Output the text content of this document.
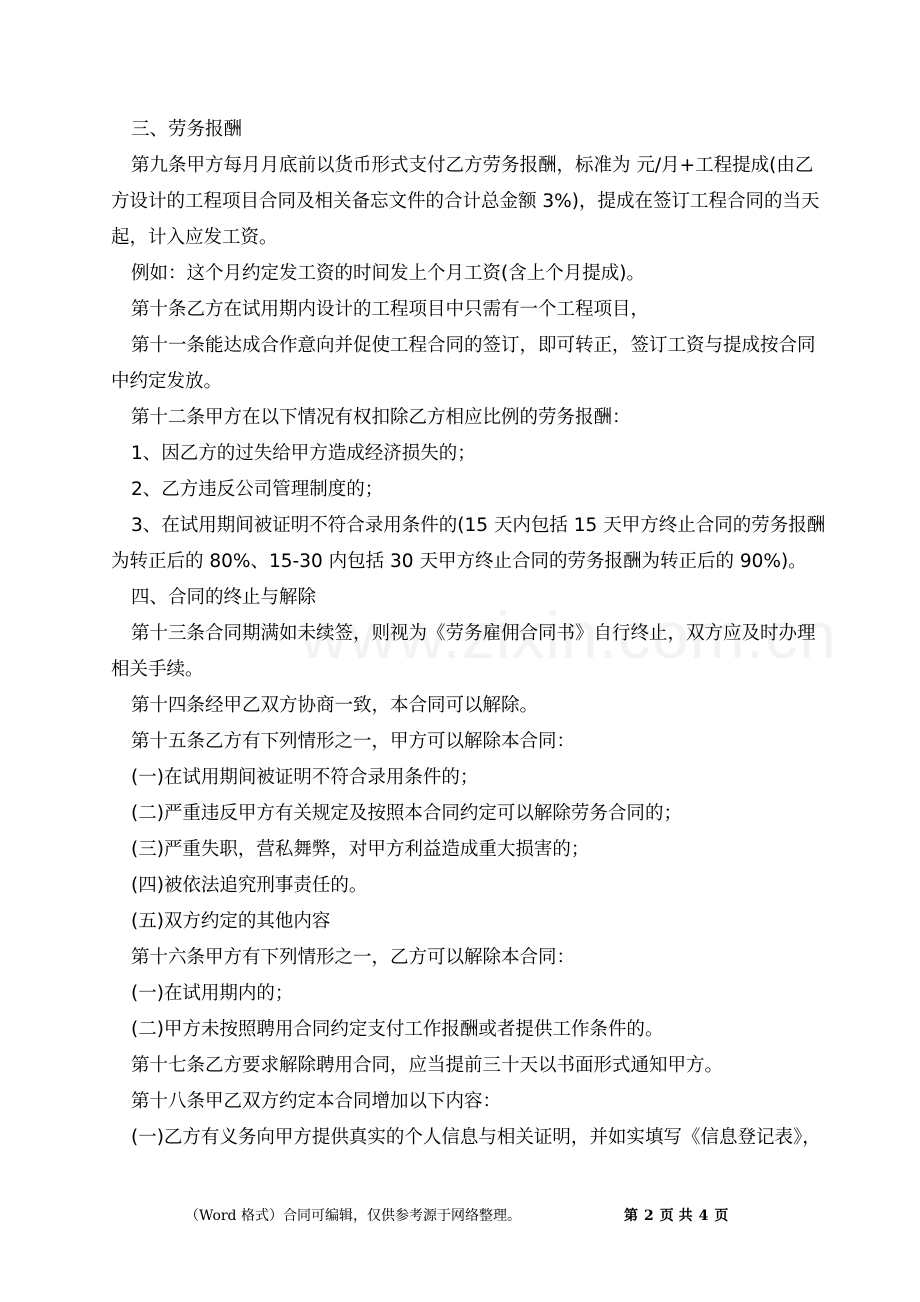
三、劳务报酬

第九条甲方每月月底前以货币形式支付乙方劳务报酬，标准为 元/月+工程提成(由乙

方设计的工程项目合同及相关备忘文件的合计总金额 3%)，提成在签订工程合同的当天

起，计入应发工资。

例如：这个月约定发工资的时间发上个月工资(含上个月提成)。

第十条乙方在试用期内设计的工程项目中只需有一个工程项目，

第十一条能达成合作意向并促使工程合同的签订，即可转正，签订工资与提成按合同

中约定发放。

第十二条甲方在以下情况有权扣除乙方相应比例的劳务报酬：

1、因乙方的过失给甲方造成经济损失的；

2、乙方违反公司管理制度的；

3、在试用期间被证明不符合录用条件的(15 天内包括 15 天甲方终止合同的劳务报酬

为转正后的 80%、15-30 内包括 30 天甲方终止合同的劳务报酬为转正后的 90%)。

四、合同的终止与解除

第十三条合同期满如未续签，则视为《劳务雇佣合同书》自行终止，双方应及时办理

相关手续。

第十四条经甲乙双方协商一致，本合同可以解除。

第十五条乙方有下列情形之一，甲方可以解除本合同：

(一)在试用期间被证明不符合录用条件的；

(二)严重违反甲方有关规定及按照本合同约定可以解除劳务合同的；

(三)严重失职，营私舞弊，对甲方利益造成重大损害的；

(四)被依法追究刑事责任的。

(五)双方约定的其他内容

第十六条甲方有下列情形之一，乙方可以解除本合同：

(一)在试用期内的；

(二)甲方未按照聘用合同约定支付工作报酬或者提供工作条件的。

第十七条乙方要求解除聘用合同，应当提前三十天以书面形式通知甲方。

第十八条甲乙双方约定本合同增加以下内容：

(一)乙方有义务向甲方提供真实的个人信息与相关证明，并如实填写《信息登记表》，

（Word 格式）合同可编辑，仅供参考源于网络整理。	第 2 页 共 4 页
